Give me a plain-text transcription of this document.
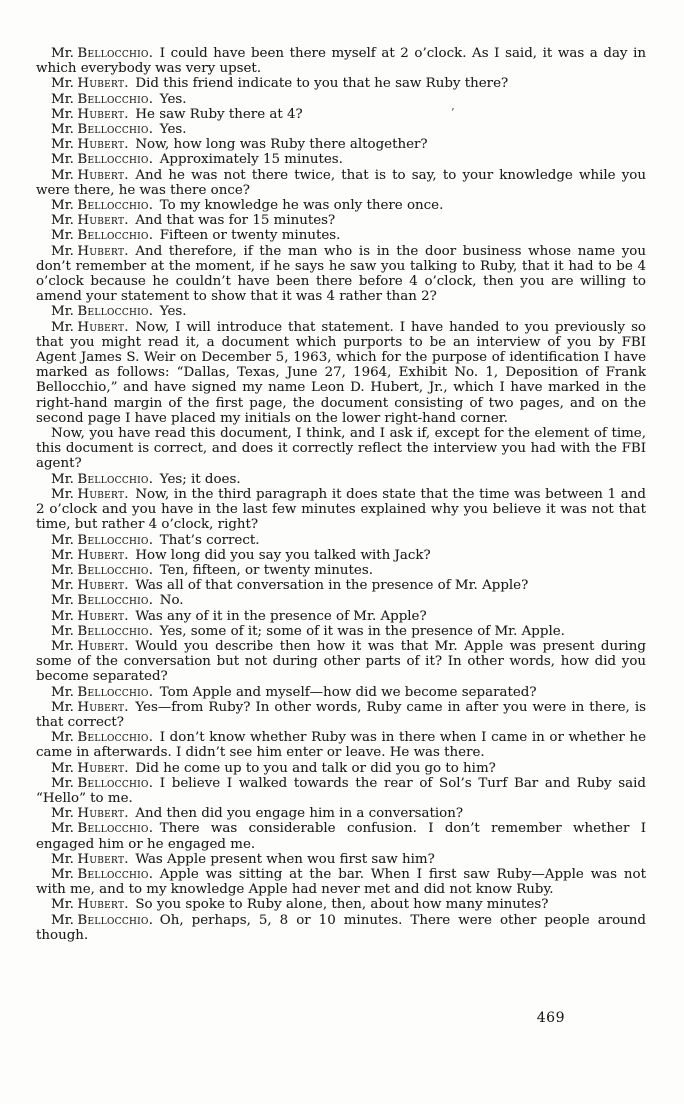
Mr. Bellocchio. I could have been there myself at 2 o’clock. As I said, it was a day in which everybody was very upset.

Mr. Hubert. Did this friend indicate to you that he saw Ruby there?

Mr. Bellocchio. Yes.

Mr. Hubert. He saw Ruby there at 4?

Mr. Bellocchio. Yes.

Mr. Hubert. Now, how long was Ruby there altogether?

Mr. Bellocchio. Approximately 15 minutes.

Mr. Hubert. And he was not there twice, that is to say, to your knowledge while you were there, he was there once?

Mr. Bellocchio. To my knowledge he was only there once.

Mr. Hubert. And that was for 15 minutes?

Mr. Bellocchio. Fifteen or twenty minutes.

Mr. Hubert. And therefore, if the man who is in the door business whose name you don’t remember at the moment, if he says he saw you talking to Ruby, that it had to be 4 o’clock because he couldn’t have been there before 4 o’clock, then you are willing to amend your statement to show that it was 4 rather than 2?

Mr. Bellocchio. Yes.

Mr. Hubert. Now, I will introduce that statement. I have handed to you previously so that you might read it, a document which purports to be an interview of you by FBI Agent James S. Weir on December 5, 1963, which for the purpose of identification I have marked as follows: “Dallas, Texas, June 27, 1964, Exhibit No. 1, Deposition of Frank Bellocchio,” and have signed my name Leon D. Hubert, Jr., which I have marked in the right-hand margin of the first page, the document consisting of two pages, and on the second page I have placed my initials on the lower right-hand corner.

Now, you have read this document, I think, and I ask if, except for the element of time, this document is correct, and does it correctly reflect the interview you had with the FBI agent?

Mr. Bellocchio. Yes; it does.

Mr. Hubert. Now, in the third paragraph it does state that the time was between 1 and 2 o’clock and you have in the last few minutes explained why you believe it was not that time, but rather 4 o’clock, right?

Mr. Bellocchio. That’s correct.

Mr. Hubert. How long did you say you talked with Jack?

Mr. Bellocchio. Ten, fifteen, or twenty minutes.

Mr. Hubert. Was all of that conversation in the presence of Mr. Apple?

Mr. Bellocchio. No.

Mr. Hubert. Was any of it in the presence of Mr. Apple?

Mr. Bellocchio. Yes, some of it; some of it was in the presence of Mr. Apple.

Mr. Hubert. Would you describe then how it was that Mr. Apple was present during some of the conversation but not during other parts of it? In other words, how did you become separated?

Mr. Bellocchio. Tom Apple and myself—how did we become separated?

Mr. Hubert. Yes—from Ruby? In other words, Ruby came in after you were in there, is that correct?

Mr. Bellocchio. I don’t know whether Ruby was in there when I came in or whether he came in afterwards. I didn’t see him enter or leave. He was there.

Mr. Hubert. Did he come up to you and talk or did you go to him?

Mr. Bellocchio. I believe I walked towards the rear of Sol’s Turf Bar and Ruby said “Hello” to me.

Mr. Hubert. And then did you engage him in a conversation?

Mr. Bellocchio. There was considerable confusion. I don’t remember whether I engaged him or he engaged me.

Mr. Hubert. Was Apple present when wou first saw him?

Mr. Bellocchio. Apple was sitting at the bar. When I first saw Ruby—Apple was not with me, and to my knowledge Apple had never met and did not know Ruby.

Mr. Hubert. So you spoke to Ruby alone, then, about how many minutes?

Mr. Bellocchio. Oh, perhaps, 5, 8 or 10 minutes. There were other people around though.

’
469
